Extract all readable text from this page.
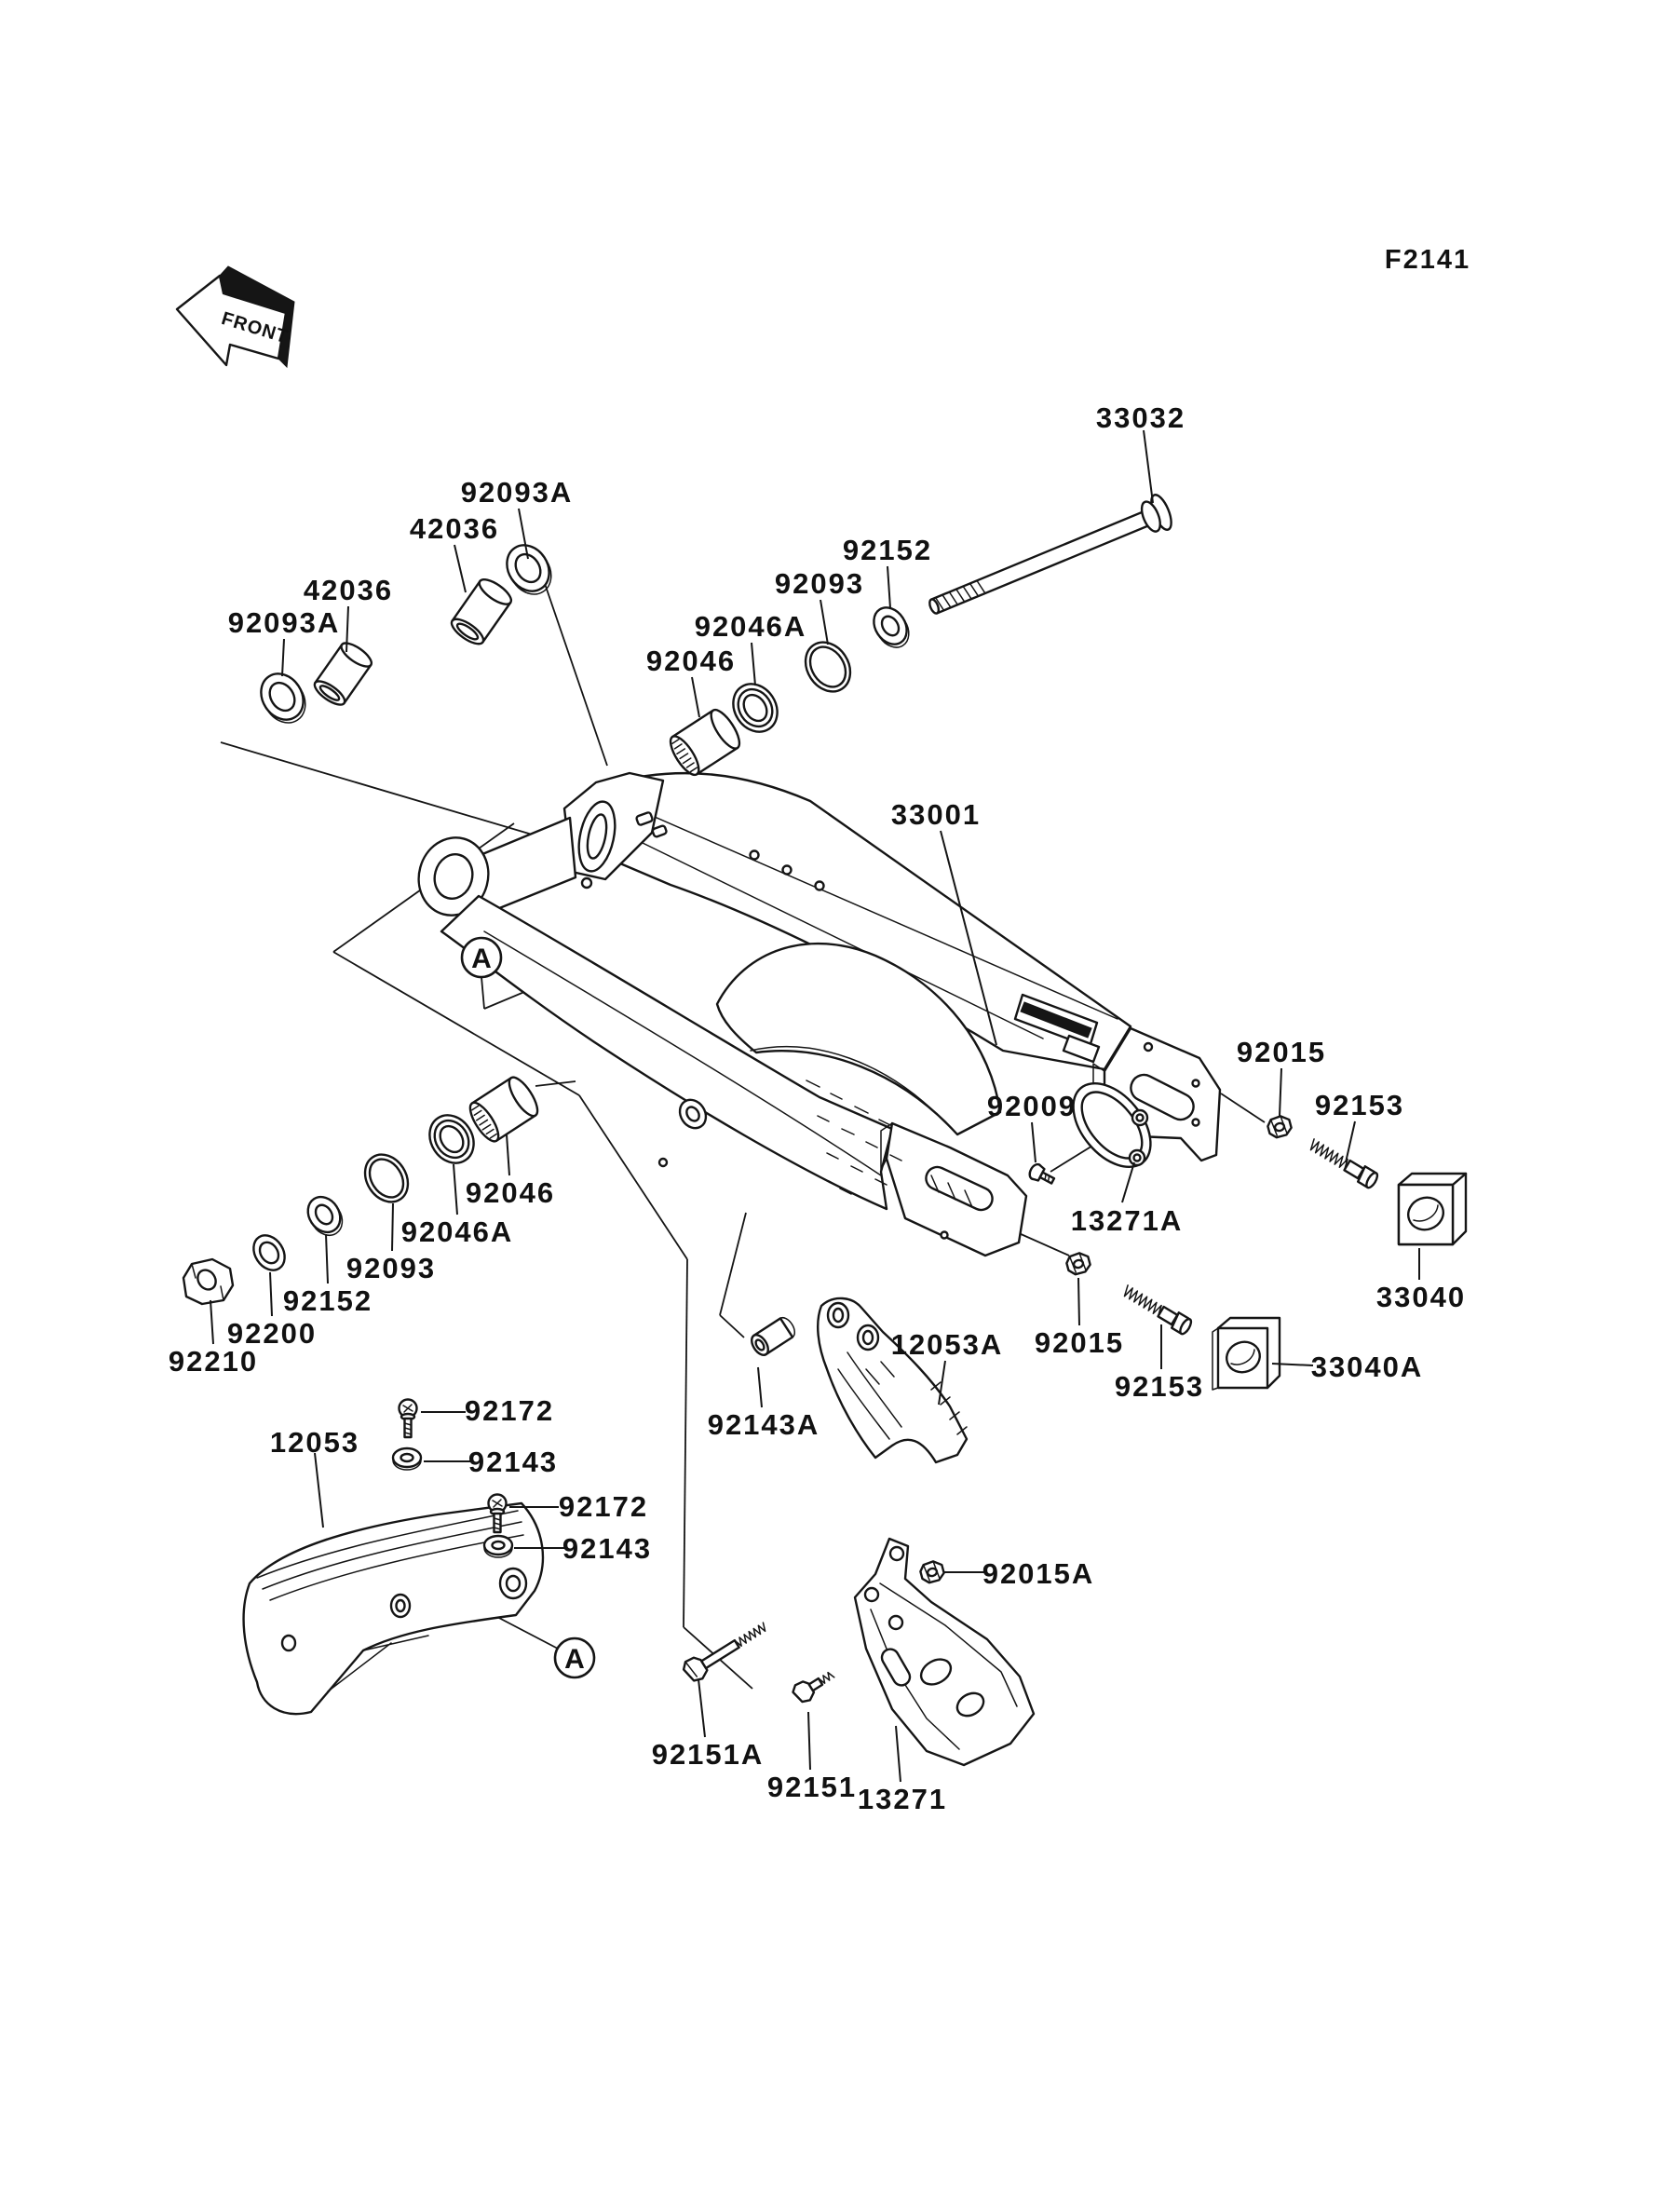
33032
92093A
42036
92152
92093
42036
92093A	92046A
92046
33001
92015
92153
92009
13271A
92046
92046A
33040
92093
92152
92200
92210
12053A 92015
92153
33040A
92172
12053
92143
92143A
92172
92143
92015A
92151A
92151 13271
A
A
FRONT
F2141
